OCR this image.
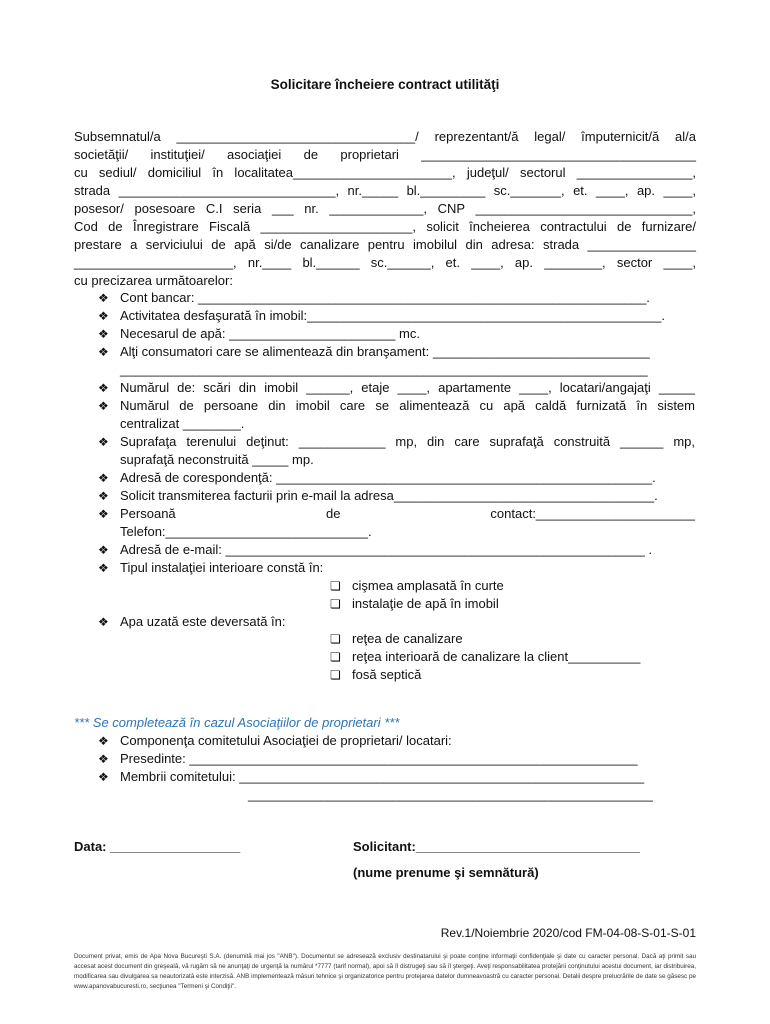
Solicitare încheiere contract utilităţi
Subsemnatul/a _________________________________/ reprezentant/ă legal/ împuternicit/ă al/a
societăţii/ instituţiei/ asociaţiei de proprietari ______________________________________
cu sediul/ domiciliul în localitatea______________________, judeţul/ sectorul ________________,
strada ______________________________, nr._____ bl._________ sc._______, et. ____, ap. ____,
posesor/ posesoare C.I seria ___ nr. _____________, CNP ______________________________,
Cod de Înregistrare Fiscală _____________________, solicit încheierea contractului de furnizare/
prestare a serviciului de apă si/de canalizare pentru imobilul din adresa: strada _______________
______________________, nr.____ bl.______ sc.______, et. ____, ap. ________, sector ____,
cu precizarea următoarelor:
❖ Cont bancar: ______________________________________________________________.
❖ Activitatea desfaşurată în imobil:_________________________________________________.
❖ Necesarul de apă: _______________________ mc.
❖ Alţi consumatori care se alimentează din branşament: ______________________________
_________________________________________________________________________
❖ Numărul de: scări din imobil ______, etaje ____, apartamente ____, locatari/angajaţi _____
❖ Numărul de persoane din imobil care se alimentează cu apă caldă furnizată în sistem
centralizat ________.
❖ Suprafaţa terenului deţinut: ____________ mp, din care suprafaţă construită ______ mp,
suprafaţă neconstruită _____ mp.
❖ Adresă de corespondenţă: ____________________________________________________.
❖ Solicit transmiterea facturii prin e-mail la adresa____________________________________.
❖ Persoană	de	contact:______________________
Telefon:____________________________.
❖ Adresă de e-mail: __________________________________________________________ .
❖ Tipul instalaţiei interioare constă în:
❏ cişmea amplasată în curte
❏ instalaţie de apă în imobil
❖ Apa uzată este deversată în:
❏ reţea de canalizare
❏ reţea interioară de canalizare la client__________
❏ fosă septică
*** Se completează în cazul Asociaţiilor de proprietari ***
❖ Componenţa comitetului Asociaţiei de proprietari/ locatari:
❖ Presedinte: ______________________________________________________________
❖ Membrii comitetului: ________________________________________________________
________________________________________________________
Data: __________________	Solicitant:_______________________________
(nume prenume şi semnătură)
Rev.1/Noiembrie 2020/cod FM-04-08-S-01-S-01
Document privat, emis de Apa Nova Bucureşti S.A. (denumită mai jos "ANB"). Documentul se adresează exclusiv destinatarului şi poate conţine informaţii confidenţiale şi date cu caracter personal. Dacă aţi primit sau accesat acest document din greşeală, vă rugăm să ne anunţaţi de urgenţă la numărul *7777 (tarif normal), apoi să îl distrugeţi sau să îl ştergeţi. Aveţi responsabilitatea protejării conţinutului acestui document, iar distribuirea, modificarea sau divulgarea sa neautorizată este interzisă. ANB implementează măsuri tehnice şi organizatorice pentru protejarea datelor dumneavoastră cu caracter personal. Detalii despre prelucrările de date se găsesc pe www.apanovabucuresti.ro, secţiunea "Termeni şi Condiţii".
